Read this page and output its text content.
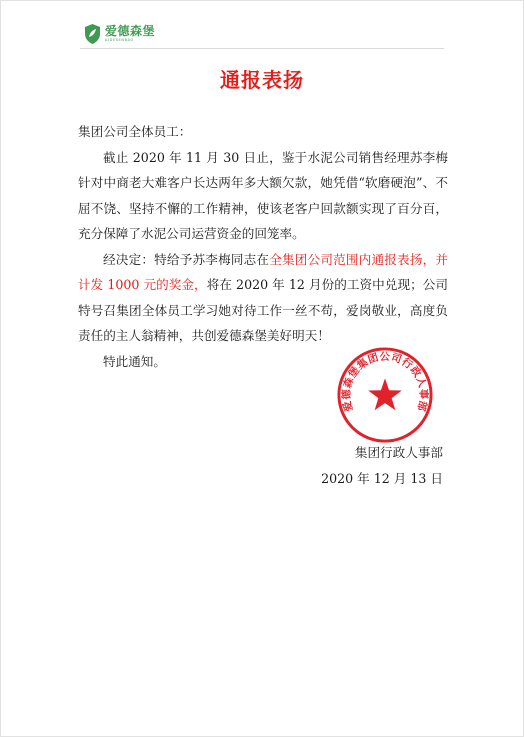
爱德森堡
AIDESENBAO
通报表扬

集团公司全体员工：

截止 2020 年 11 月 30 日止，鉴于水泥公司销售经理苏李梅针对中商老大难客户长达两年多大额欠款，她凭借“软磨硬泡”、不屈不饶、坚持不懈的工作精神，使该老客户回款额实现了百分百，充分保障了水泥公司运营资金的回笼率。

经决定：特给予苏李梅同志在全集团公司范围内通报表扬，并计发 1000 元的奖金，将在 2020 年 12 月份的工资中兑现；公司特号召集团全体员工学习她对待工作一丝不苟，爱岗敬业，高度负责任的主人翁精神，共创爱德森堡美好明天！

特此通知。

爱德森堡集团公司行政人事部
集团行政人事部
2020 年 12 月 13 日
